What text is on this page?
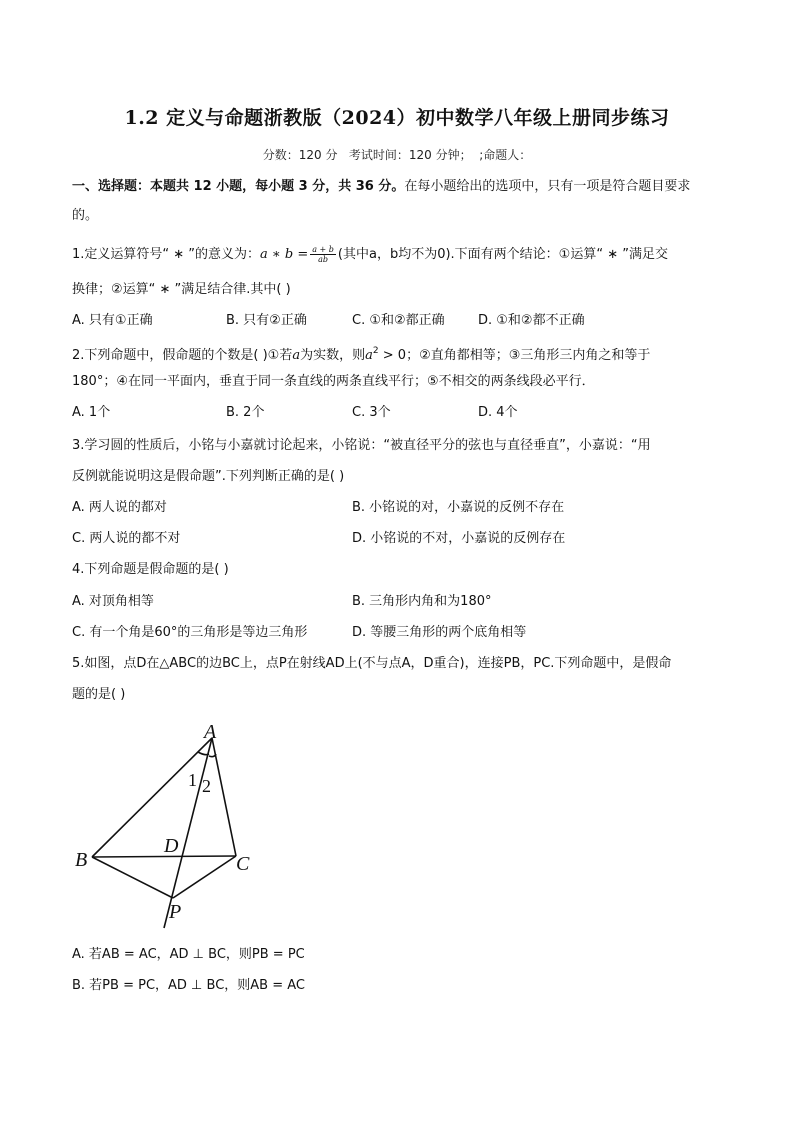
1.2 定义与命题浙教版（2024）初中数学八年级上册同步练习
分数：120 分   考试时间：120 分钟；  ;命题人：
一、选择题：本题共 12 小题，每小题 3 分，共 36 分。在每小题给出的选项中，只有一项是符合题目要求
的。
1.定义运算符号“ ∗ ”的意义为：a ∗ $b = \frac{a + b}{ab}$ (其中a，b均不为0).下面有两个结论：①运算“ ∗ ”满足交
换律；②运算“ ∗ ”满足结合律.其中( )
A. 只有①正确	B. 只有②正确	C. ①和②都正确	D. ①和②都不正确
2.下列命题中，假命题的个数是( )①若a为实数，则$a^2 > 0$；②直角都相等；③三角形三内角之和等于
180°；④在同一平面内，垂直于同一条直线的两条直线平行；⑤不相交的两条线段必平行．
A. 1个	B. 2个	C. 3个	D. 4个
3.学习圆的性质后，小铭与小嘉就讨论起来，小铭说：“被直径平分的弦也与直径垂直”，小嘉说：“用
反例就能说明这是假命题”.下列判断正确的是( )
A. 两人说的都对	B. 小铭说的对，小嘉说的反例不存在
C. 两人说的都不对	D. 小铭说的不对，小嘉说的反例存在
4.下列命题是假命题的是( )
A. 对顶角相等	B. 三角形内角和为180°
C. 有一个角是60°的三角形是等边三角形	D. 等腰三角形的两个底角相等
5.如图，点D在△ABC的边BC上，点P在射线AD上(不与点A，D重合)，连接PB，PC.下列命题中，是假命
题的是( )
A
B	C
D
P
1 2
A. 若AB = AC，AD ⊥ BC，则PB = PC
B. 若PB = PC，AD ⊥ BC，则AB = AC
